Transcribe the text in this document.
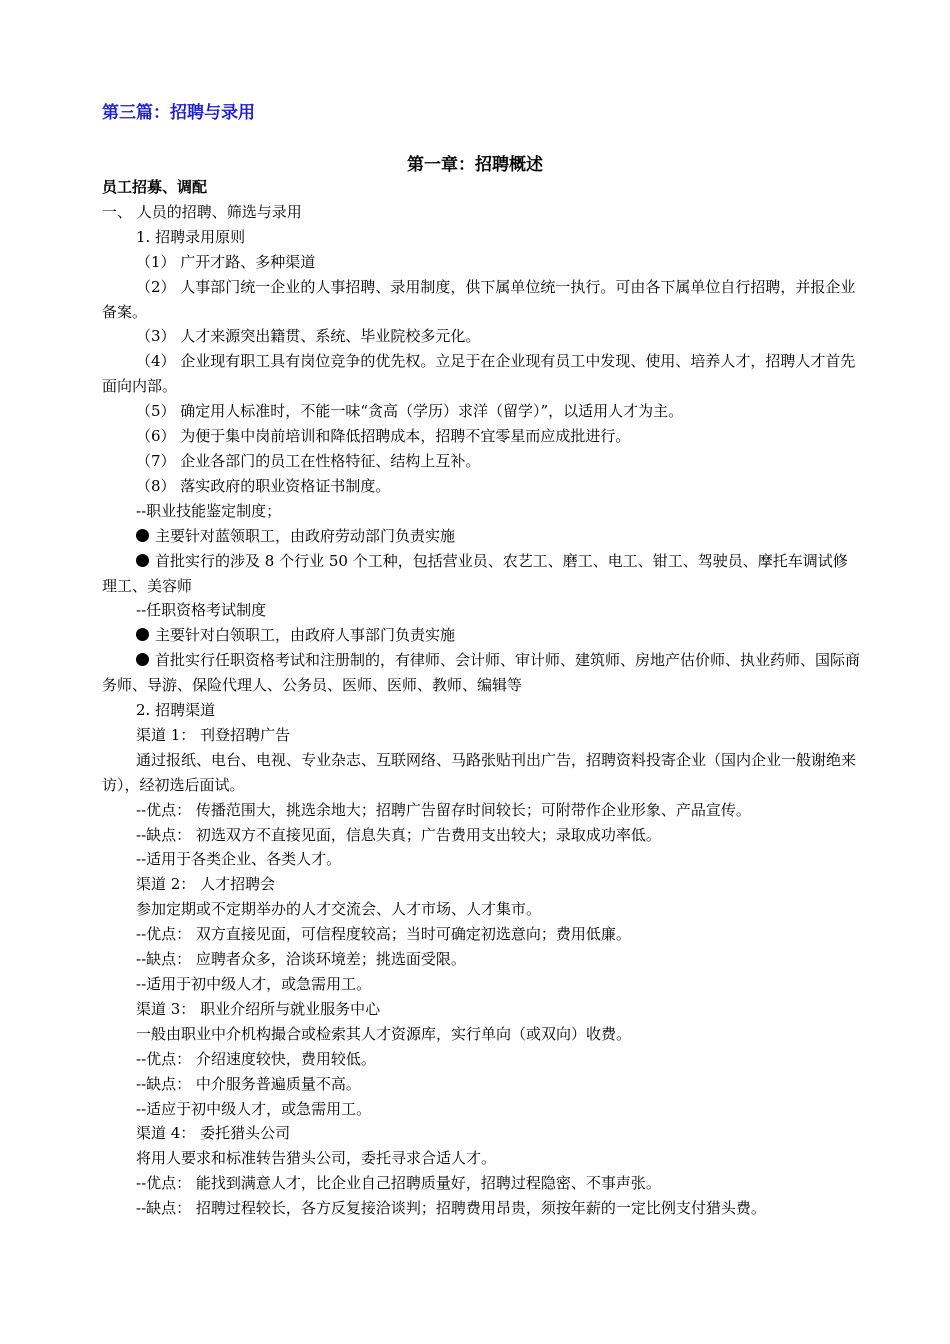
第三篇：招聘与录用
第一章：招聘概述

员工招募、调配

一、 人员的招聘、筛选与录用

1. 招聘录用原则

（1） 广开才路、多种渠道

（2） 人事部门统一企业的人事招聘、录用制度，供下属单位统一执行。可由各下属单位自行招聘，并报企业备案。

（3） 人才来源突出籍贯、系统、毕业院校多元化。

（4） 企业现有职工具有岗位竞争的优先权。立足于在企业现有员工中发现、使用、培养人才，招聘人才首先面向内部。

（5） 确定用人标准时，不能一味“贪高（学历）求洋（留学）”，以适用人才为主。

（6） 为便于集中岗前培训和降低招聘成本，招聘不宜零星而应成批进行。

（7） 企业各部门的员工在性格特征、结构上互补。

（8） 落实政府的职业资格证书制度。

--职业技能鉴定制度；

主要针对蓝领职工，由政府劳动部门负责实施

首批实行的涉及 8 个行业 50 个工种，包括营业员、农艺工、磨工、电工、钳工、驾驶员、摩托车调试修理工、美容师

--任职资格考试制度

主要针对白领职工，由政府人事部门负责实施

首批实行任职资格考试和注册制的，有律师、会计师、审计师、建筑师、房地产估价师、执业药师、国际商务师、导游、保险代理人、公务员、医师、医师、教师、编辑等

2. 招聘渠道

渠道 1： 刊登招聘广告

通过报纸、电台、电视、专业杂志、互联网络、马路张贴刊出广告，招聘资料投寄企业（国内企业一般谢绝来访），经初选后面试。

--优点： 传播范围大，挑选余地大；招聘广告留存时间较长；可附带作企业形象、产品宣传。

--缺点： 初选双方不直接见面，信息失真；广告费用支出较大；录取成功率低。

--适用于各类企业、各类人才。

渠道 2： 人才招聘会

参加定期或不定期举办的人才交流会、人才市场、人才集市。

--优点： 双方直接见面，可信程度较高；当时可确定初选意向；费用低廉。

--缺点： 应聘者众多，洽谈环境差；挑选面受限。

--适用于初中级人才，或急需用工。

渠道 3： 职业介绍所与就业服务中心

一般由职业中介机构撮合或检索其人才资源库，实行单向（或双向）收费。

--优点： 介绍速度较快，费用较低。

--缺点： 中介服务普遍质量不高。

--适应于初中级人才，或急需用工。

渠道 4： 委托猎头公司

将用人要求和标准转告猎头公司，委托寻求合适人才。

--优点： 能找到满意人才，比企业自己招聘质量好，招聘过程隐密、不事声张。

--缺点： 招聘过程较长，各方反复接洽谈判；招聘费用昂贵，须按年薪的一定比例支付猎头费。
